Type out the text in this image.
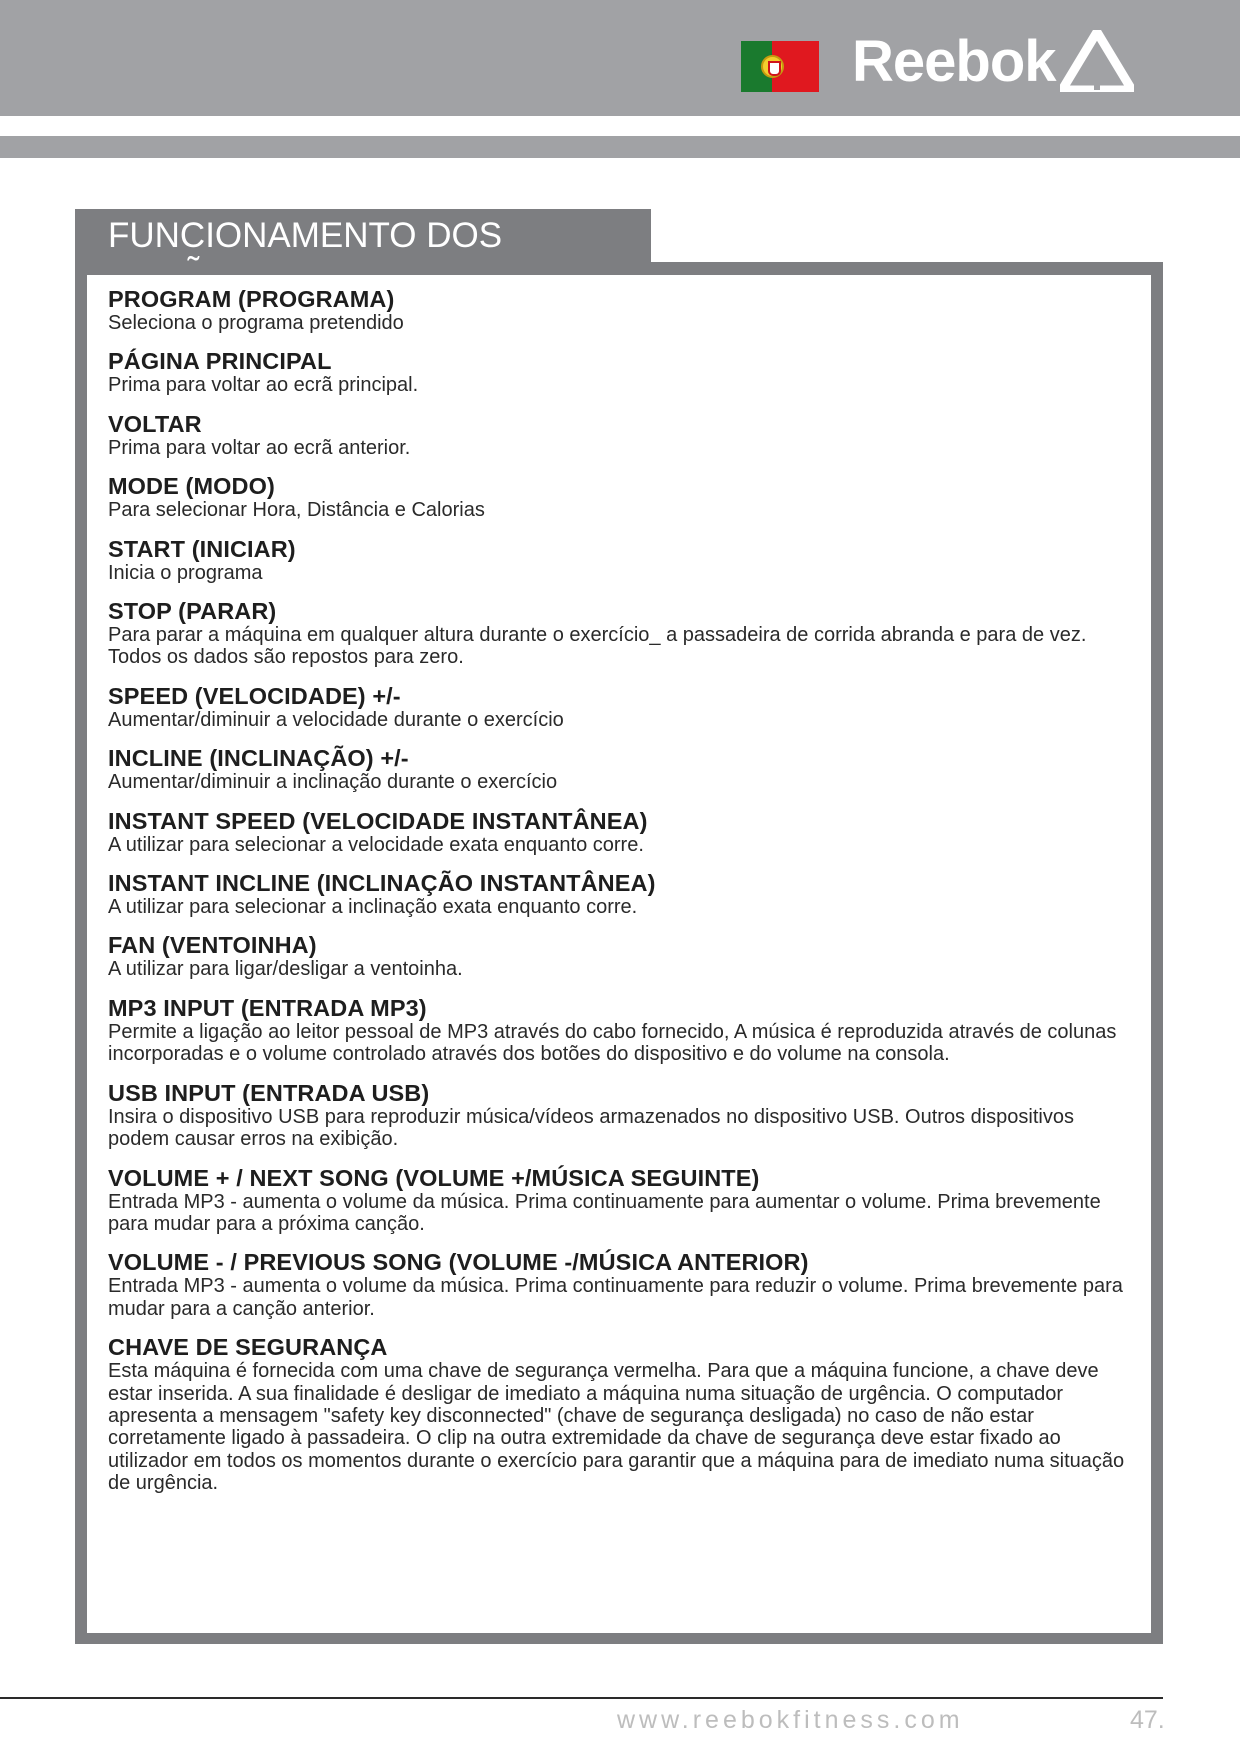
Reebok
FUNCIONAMENTO DOS
PROGRAM (PROGRAMA)
Seleciona o programa pretendido
PÁGINA PRINCIPAL
Prima para voltar ao ecrã principal.
VOLTAR
Prima para voltar ao ecrã anterior.
MODE (MODO)
Para selecionar Hora, Distância e Calorias
START (INICIAR)
Inicia o programa
STOP (PARAR)
Para parar a máquina em qualquer altura durante o exercício_ a passadeira de corrida abranda e para de vez. Todos os dados são repostos para zero.
SPEED (VELOCIDADE) +/-
Aumentar/diminuir a velocidade durante o exercício
INCLINE (INCLINAÇÃO) +/-
Aumentar/diminuir a inclinação durante o exercício
INSTANT SPEED (VELOCIDADE INSTANTÂNEA)
A utilizar para selecionar a velocidade exata enquanto corre.
INSTANT INCLINE (INCLINAÇÃO INSTANTÂNEA)
A utilizar para selecionar a inclinação exata enquanto corre.
FAN (VENTOINHA)
A utilizar para ligar/desligar a ventoinha.
MP3 INPUT (ENTRADA MP3)
Permite a ligação ao leitor pessoal de MP3 através do cabo fornecido, A música é reproduzida através de colunas incorporadas e o volume controlado através dos botões do dispositivo e do volume na consola.
USB INPUT (ENTRADA USB)
Insira o dispositivo USB para reproduzir música/vídeos armazenados no dispositivo USB. Outros dispositivos podem causar erros na exibição.
VOLUME + / NEXT SONG (VOLUME +/MÚSICA SEGUINTE)
Entrada MP3 - aumenta o volume da música. Prima continuamente para aumentar o volume. Prima brevemente para mudar para a próxima canção.
VOLUME - / PREVIOUS SONG (VOLUME -/MÚSICA ANTERIOR)
Entrada MP3 - aumenta o volume da música. Prima continuamente para reduzir o volume. Prima brevemente para mudar para a canção anterior.
CHAVE DE SEGURANÇA
Esta máquina é fornecida com uma chave de segurança vermelha. Para que a máquina funcione, a chave deve estar inserida. A sua finalidade é desligar de imediato a máquina numa situação de urgência. O computador apresenta a mensagem "safety key disconnected" (chave de segurança desligada) no caso de não estar corretamente ligado à passadeira. O clip na outra extremidade da chave de segurança deve estar fixado ao utilizador em todos os momentos durante o exercício para garantir que a máquina para de imediato numa situação de urgência.
www.reebokfitness.com	47.
